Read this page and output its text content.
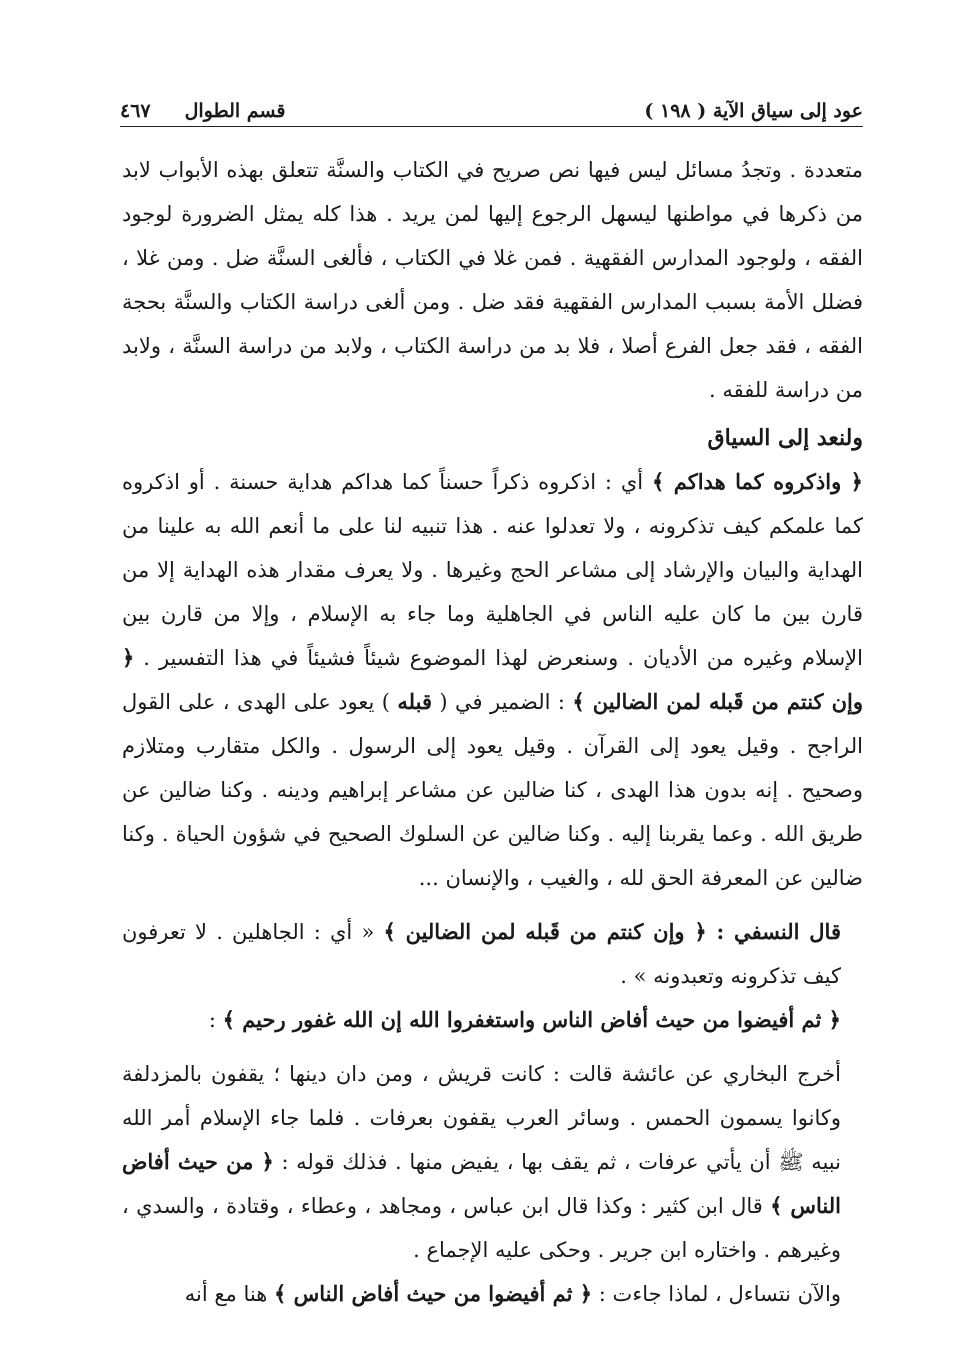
عود إلى سياق الآية ( ١٩٨ )
قسم الطوال
٤٦٧

متعددة . وتجدُ مسائل ليس فيها نص صريح في الكتاب والسنَّة تتعلق بهذه الأبواب لابد من ذكرها في مواطنها ليسهل الرجوع إليها لمن يريد . هذا كله يمثل الضرورة لوجود الفقه ، ولوجود المدارس الفقهية . فمن غلا في الكتاب ، فألغى السنَّة ضل . ومن غلا ، فضلل الأمة بسبب المدارس الفقهية فقد ضل . ومن ألغى دراسة الكتاب والسنَّة بحجة الفقه ، فقد جعل الفرع أصلا ، فلا بد من دراسة الكتاب ، ولابد من دراسة السنَّة ، ولابد من دراسة للفقه .

ولنعد إلى السياق

﴿ واذكروه كما هداكم ﴾ أي : اذكروه ذكراً حسناً كما هداكم هداية حسنة . أو اذكروه كما علمكم كيف تذكرونه ، ولا تعدلوا عنه . هذا تنبيه لنا على ما أنعم الله به علينا من الهداية والبيان والإرشاد إلى مشاعر الحج وغيرها . ولا يعرف مقدار هذه الهداية إلا من قارن بين ما كان عليه الناس في الجاهلية وما جاء به الإسلام ، وإلا من قارن بين الإسلام وغيره من الأديان . وسنعرض لهذا الموضوع شيئاً فشيئاً في هذا التفسير . ﴿ وإن كنتم من قَبله لمن الضالين ﴾ : الضمير في ( قبله ) يعود على الهدى ، على القول الراجح . وقيل يعود إلى القرآن . وقيل يعود إلى الرسول . والكل متقارب ومتلازم وصحيح . إنه بدون هذا الهدى ، كنا ضالين عن مشاعر إبراهيم ودينه . وكنا ضالين عن طريق الله . وعما يقربنا إليه . وكنا ضالين عن السلوك الصحيح في شؤون الحياة . وكنا ضالين عن المعرفة الحق لله ، والغيب ، والإنسان ...

قال النسفي : ﴿ وإن كنتم من قَبله لمن الضالين ﴾ « أي : الجاهلين . لا تعرفون كيف تذكرونه وتعبدونه » .

﴿ ثم أفيضوا من حيث أفاض الناس واستغفروا الله إن الله غفور رحيم ﴾ :

أخرج البخاري عن عائشة قالت : كانت قريش ، ومن دان دينها ؛ يقفون بالمزدلفة وكانوا يسمون الحمس . وسائر العرب يقفون بعرفات . فلما جاء الإسلام أمر الله نبيه ﷺ أن يأتي عرفات ، ثم يقف بها ، يفيض منها . فذلك قوله : ﴿ من حيث أفاض الناس ﴾ قال ابن كثير : وكذا قال ابن عباس ، ومجاهد ، وعطاء ، وقتادة ، والسدي ، وغيرهم . واختاره ابن جرير . وحكى عليه الإجماع .

والآن نتساءل ، لماذا جاءت : ﴿ ثم أفيضوا من حيث أفاض الناس ﴾ هنا مع أنه
